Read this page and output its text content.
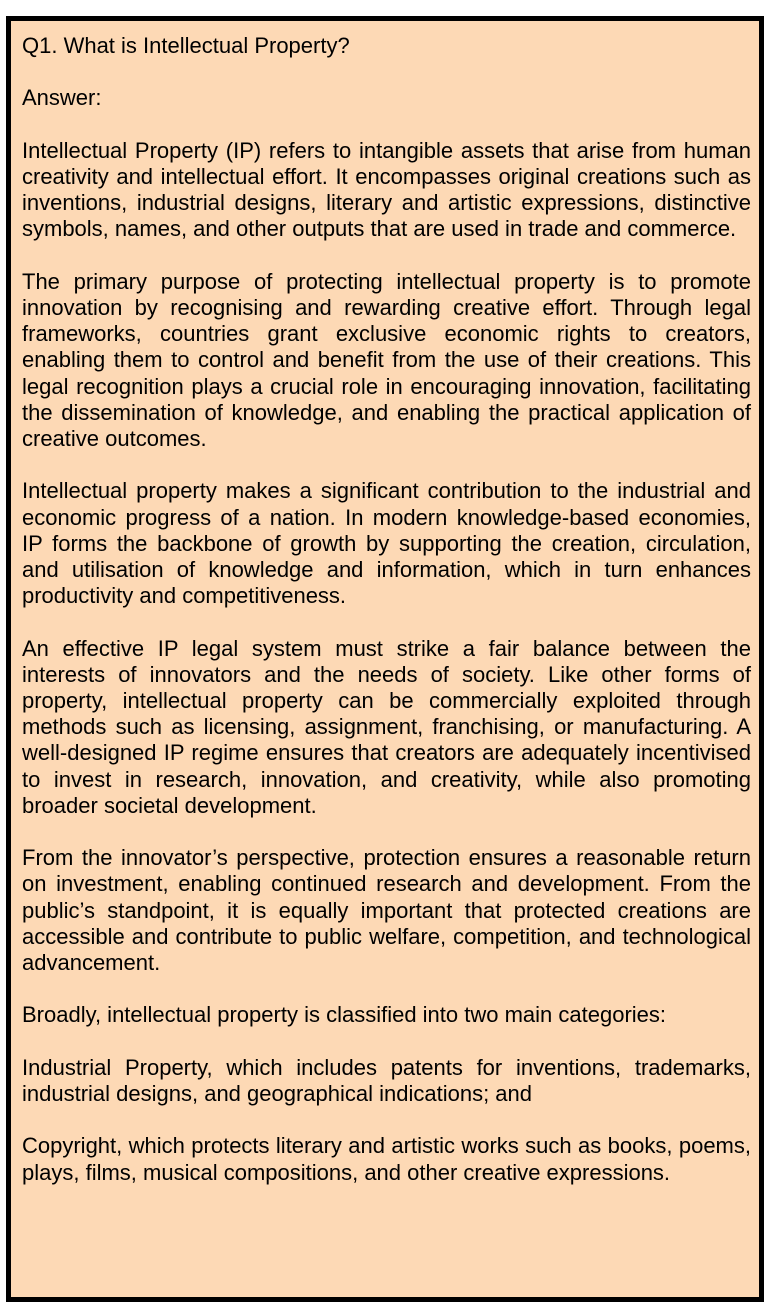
Q1. What is Intellectual Property?

Answer:

Intellectual Property (IP) refers to intangible assets that arise from human creativity and intellectual effort. It encompasses original creations such as inventions, industrial designs, literary and artistic expressions, distinctive symbols, names, and other outputs that are used in trade and commerce.

The primary purpose of protecting intellectual property is to promote innovation by recognising and rewarding creative effort. Through legal frameworks, countries grant exclusive economic rights to creators, enabling them to control and benefit from the use of their creations. This legal recognition plays a crucial role in encouraging innovation, facilitating the dissemination of knowledge, and enabling the practical application of creative outcomes.

Intellectual property makes a significant contribution to the industrial and economic progress of a nation. In modern knowledge-based economies, IP forms the backbone of growth by supporting the creation, circulation, and utilisation of knowledge and information, which in turn enhances productivity and competitiveness.

An effective IP legal system must strike a fair balance between the interests of innovators and the needs of society. Like other forms of property, intellectual property can be commercially exploited through methods such as licensing, assignment, franchising, or manufacturing. A well-designed IP regime ensures that creators are adequately incentivised to invest in research, innovation, and creativity, while also promoting broader societal development.

From the innovator’s perspective, protection ensures a reasonable return on investment, enabling continued research and development. From the public’s standpoint, it is equally important that protected creations are accessible and contribute to public welfare, competition, and technological advancement.

Broadly, intellectual property is classified into two main categories:

Industrial Property, which includes patents for inventions, trademarks, industrial designs, and geographical indications; and

Copyright, which protects literary and artistic works such as books, poems, plays, films, musical compositions, and other creative expressions.
